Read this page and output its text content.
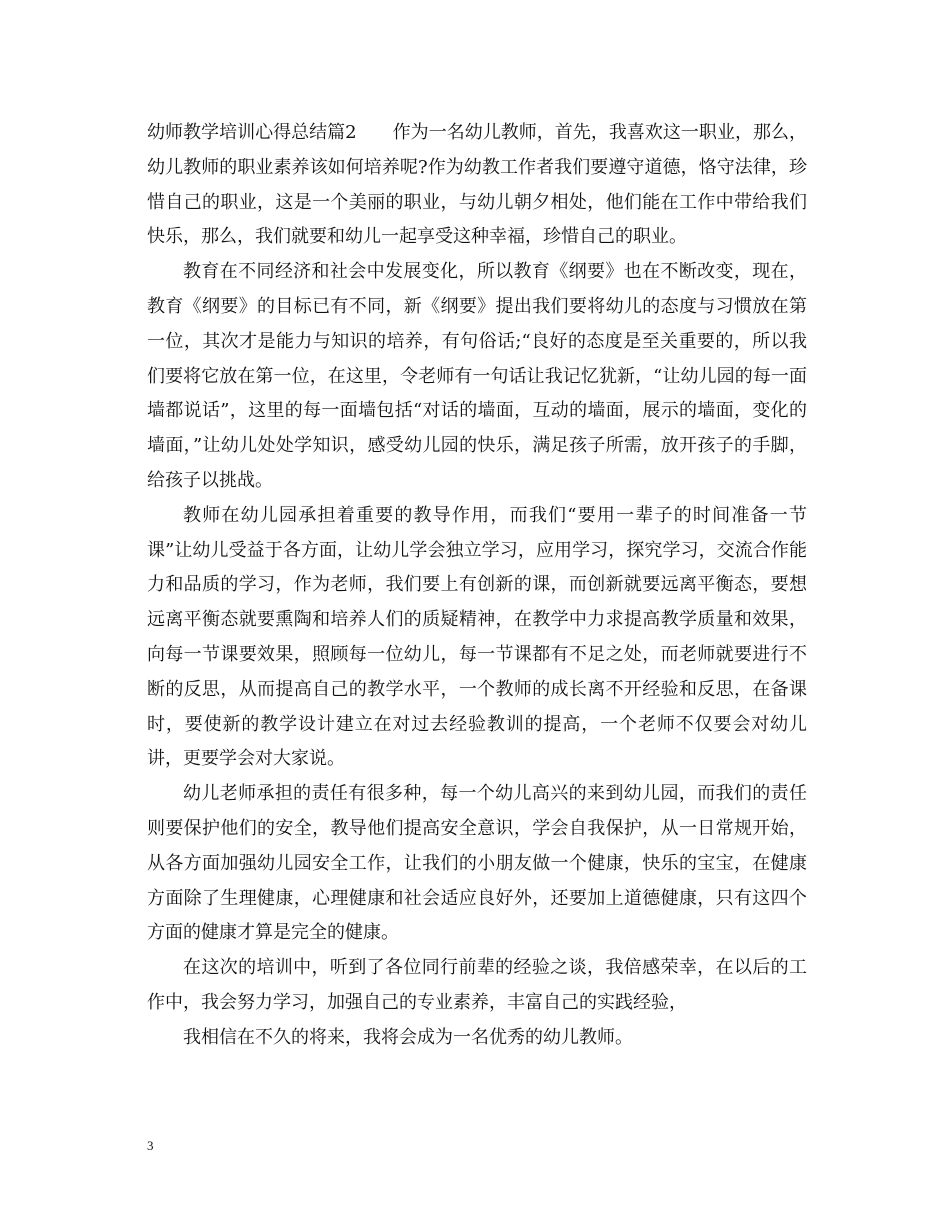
幼师教学培训心得总结篇2 作为一名幼儿教师，首先，我喜欢这一职业，那么，幼儿教师的职业素养该如何培养呢?作为幼教工作者我们要遵守道德，恪守法律，珍惜自己的职业，这是一个美丽的职业，与幼儿朝夕相处，他们能在工作中带给我们快乐，那么，我们就要和幼儿一起享受这种幸福，珍惜自己的职业。

教育在不同经济和社会中发展变化，所以教育《纲要》也在不断改变，现在，教育《纲要》的目标已有不同，新《纲要》提出我们要将幼儿的态度与习惯放在第一位，其次才是能力与知识的培养，有句俗话;“良好的态度是至关重要的，所以我们要将它放在第一位，在这里，令老师有一句话让我记忆犹新，“让幼儿园的每一面墙都说话”，这里的每一面墙包括“对话的墙面，互动的墙面，展示的墙面，变化的墙面，”让幼儿处处学知识，感受幼儿园的快乐，满足孩子所需，放开孩子的手脚，给孩子以挑战。

教师在幼儿园承担着重要的教导作用，而我们“要用一辈子的时间准备一节课”让幼儿受益于各方面，让幼儿学会独立学习，应用学习，探究学习，交流合作能力和品质的学习，作为老师，我们要上有创新的课，而创新就要远离平衡态，要想远离平衡态就要熏陶和培养人们的质疑精神，在教学中力求提高教学质量和效果，向每一节课要效果，照顾每一位幼儿，每一节课都有不足之处，而老师就要进行不断的反思，从而提高自己的教学水平，一个教师的成长离不开经验和反思，在备课时，要使新的教学设计建立在对过去经验教训的提高，一个老师不仅要会对幼儿讲，更要学会对大家说。

幼儿老师承担的责任有很多种，每一个幼儿高兴的来到幼儿园，而我们的责任则要保护他们的安全，教导他们提高安全意识，学会自我保护，从一日常规开始，从各方面加强幼儿园安全工作，让我们的小朋友做一个健康，快乐的宝宝，在健康方面除了生理健康，心理健康和社会适应良好外，还要加上道德健康，只有这四个方面的健康才算是完全的健康。

在这次的培训中，听到了各位同行前辈的经验之谈，我倍感荣幸，在以后的工作中，我会努力学习，加强自己的专业素养，丰富自己的实践经验，

我相信在不久的将来，我将会成为一名优秀的幼儿教师。

3
